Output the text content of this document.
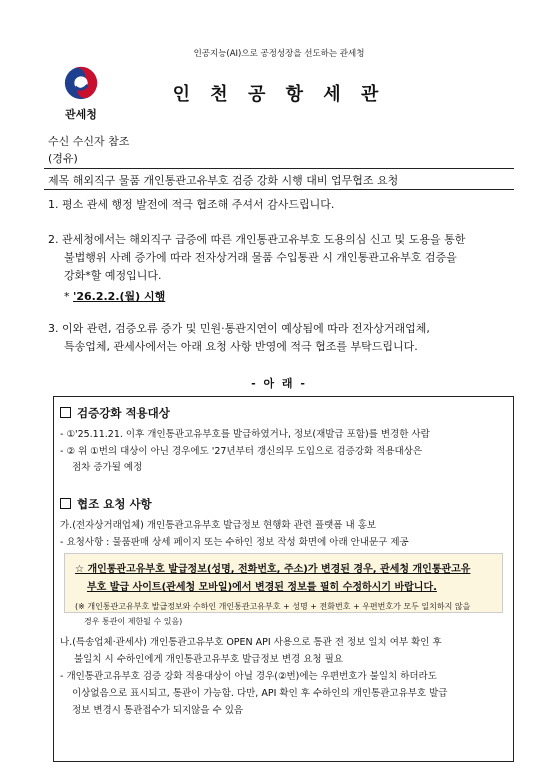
인공지능(AI)으로 공정성장을 선도하는 관세청
관세청
인 천 공 항 세 관
수신 수신자 참조
(경유)
제목 해외직구 물품 개인통관고유부호 검증 강화 시행 대비 업무협조 요청
1. 평소 관세 행정 발전에 적극 협조해 주셔서 감사드립니다.
2. 관세청에서는 해외직구 급증에 따른 개인통관고유부호 도용의심 신고 및 도용을 통한
불법행위 사례 증가에 따라 전자상거래 물품 수입통관 시 개인통관고유부호 검증을
강화*할 예정입니다.
* '26.2.2.(월) 시행
3. 이와 관련, 검증오류 증가 및 민원·통관지연이 예상됨에 따라 전자상거래업체,
특송업체, 관세사에서는 아래 요청 사항 반영에 적극 협조를 부탁드립니다.
- 아 래 -
검증강화 적용대상
- ①'25.11.21. 이후 개인통관고유부호를 발급하였거나, 정보(재발급 포함)를 변경한 사람
- ② 위 ①번의 대상이 아닌 경우에도 '27년부터 갱신의무 도입으로 검증강화 적용대상은
점차 증가될 예정
협조 요청 사항
가.(전자상거래업체) 개인통관고유부호 발급정보 현행화 관련 플랫폼 내 홍보
- 요청사항 : 물품판매 상세 페이지 또는 수하인 정보 작성 화면에 아래 안내문구 제공
☆ 개인통관고유부호 발급정보(성명, 전화번호, 주소)가 변경된 경우, 관세청 개인통관고유
부호 발급 사이트(관세청 모바일)에서 변경된 정보를 필히 수정하시기 바랍니다.
(※ 개인통관고유부호 발급정보와 수하인 개인통관고유부호 + 성명 + 전화번호 + 우편번호가 모두 일치하지 않을
경우 통관이 제한될 수 있음)
나.(특송업체·관세사) 개인통관고유부호 OPEN API 사용으로 통관 전 정보 일치 여부 확인 후
불일치 시 수하인에게 개인통관고유부호 발급정보 변경 요청 필요
- 개인통관고유부호 검증 강화 적용대상이 아닐 경우(②번)에는 우편번호가 불일치 하더라도
이상없음으로 표시되고, 통관이 가능함. 다만, API 확인 후 수하인의 개인통관고유부호 발급
정보 변경시 통관접수가 되지않을 수 있음
